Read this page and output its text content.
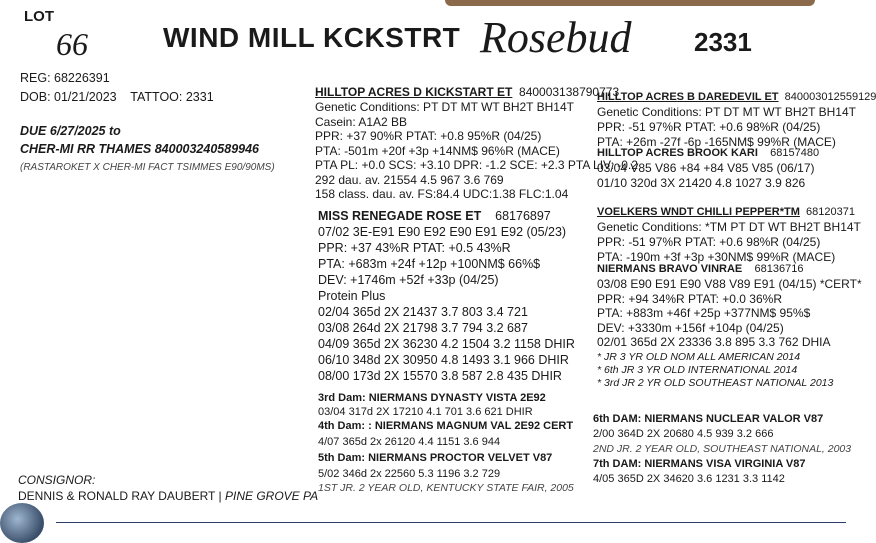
LOT
66	WIND MILL KCKSTRT Rosebud 2331
REG: 68226391
DOB: 01/21/2023 TATTOO: 2331
DUE 6/27/2025 to
CHER-MI RR THAMES 840003240589946
(RASTAROKET X CHER-MI FACT TSIMMES E90/90MS)
HILLTOP ACRES D KICKSTART ET 840003138790773
Genetic Conditions: PT DT MT WT BH2T BH14T
Casein: A1A2 BB
PPR: +37 90%R PTAT: +0.8 95%R (04/25)
PTA: -501m +20f +3p +14NM$ 96%R (MACE)
PTA PL: +0.0 SCS: +3.10 DPR: -1.2 SCE: +2.3 PTA LIV: -0.2
292 dau. av. 21554 4.5 967 3.6 769
158 class. dau. av. FS:84.4 UDC:1.38 FLC:1.04
MISS RENEGADE ROSE ET 68176897
07/02 3E-E91 E90 E92 E90 E91 E92 (05/23)
PPR: +37 43%R PTAT: +0.5 43%R
PTA: +683m +24f +12p +100NM$ 66%$
DEV: +1746m +52f +33p (04/25)
Protein Plus
02/04 365d 2X 21437 3.7 803 3.4 721
03/08 264d 2X 21798 3.7 794 3.2 687
04/09 365d 2X 36230 4.2 1504 3.2 1158 DHIR
06/10 348d 2X 30950 4.8 1493 3.1 966 DHIR
08/00 173d 2X 15570 3.8 587 2.8 435 DHIR
HILLTOP ACRES B DAREDEVIL ET 840003012559129
Genetic Conditions: PT DT MT WT BH2T BH14T
PPR: -51 97%R PTAT: +0.6 98%R (04/25)
PTA: +26m -27f -6p -165NM$ 99%R (MACE)
HILLTOP ACRES BROOK KARI 68157480
03/04 V85 V86 +84 +84 V85 V85 (06/17)
01/10 320d 3X 21420 4.8 1027 3.9 826
VOELKERS WNDT CHILLI PEPPER*TM 68120371
Genetic Conditions: *TM PT DT WT BH2T BH14T
PPR: -51 97%R PTAT: +0.6 98%R (04/25)
PTA: -190m +3f +3p +30NM$ 99%R (MACE)
NIERMANS BRAVO VINRAE 68136716
03/08 E90 E91 E90 V88 V89 E91 (04/15) *CERT*
PPR: +94 34%R PTAT: +0.0 36%R
PTA: +883m +46f +25p +377NM$ 95%$
DEV: +3330m +156f +104p (04/25)
02/01 365d 2X 23336 3.8 895 3.3 762 DHIA
* JR 3 YR OLD NOM ALL AMERICAN 2014
* 6th JR 3 YR OLD INTERNATIONAL 2014
* 3rd JR 2 YR OLD SOUTHEAST NATIONAL 2013
3rd Dam: NIERMANS DYNASTY VISTA 2E92
03/04 317d 2X 17210 4.1 701 3.6 621 DHIR
4th Dam: : NIERMANS MAGNUM VAL 2E92 CERT
4/07 365d 2x 26120 4.4 1151 3.6 944
5th Dam: NIERMANS PROCTOR VELVET V87
5/02 346d 2x 22560 5.3 1196 3.2 729
1ST JR. 2 YEAR OLD, KENTUCKY STATE FAIR, 2005
6th DAM: NIERMANS NUCLEAR VALOR V87
2/00 364D 2X 20680 4.5 939 3.2 666
2ND JR. 2 YEAR OLD, SOUTHEAST NATIONAL, 2003
7th DAM: NIERMANS VISA VIRGINIA V87
4/05 365D 2X 34620 3.6 1231 3.3 1142
CONSIGNOR:
DENNIS & RONALD RAY DAUBERT | PINE GROVE PA
